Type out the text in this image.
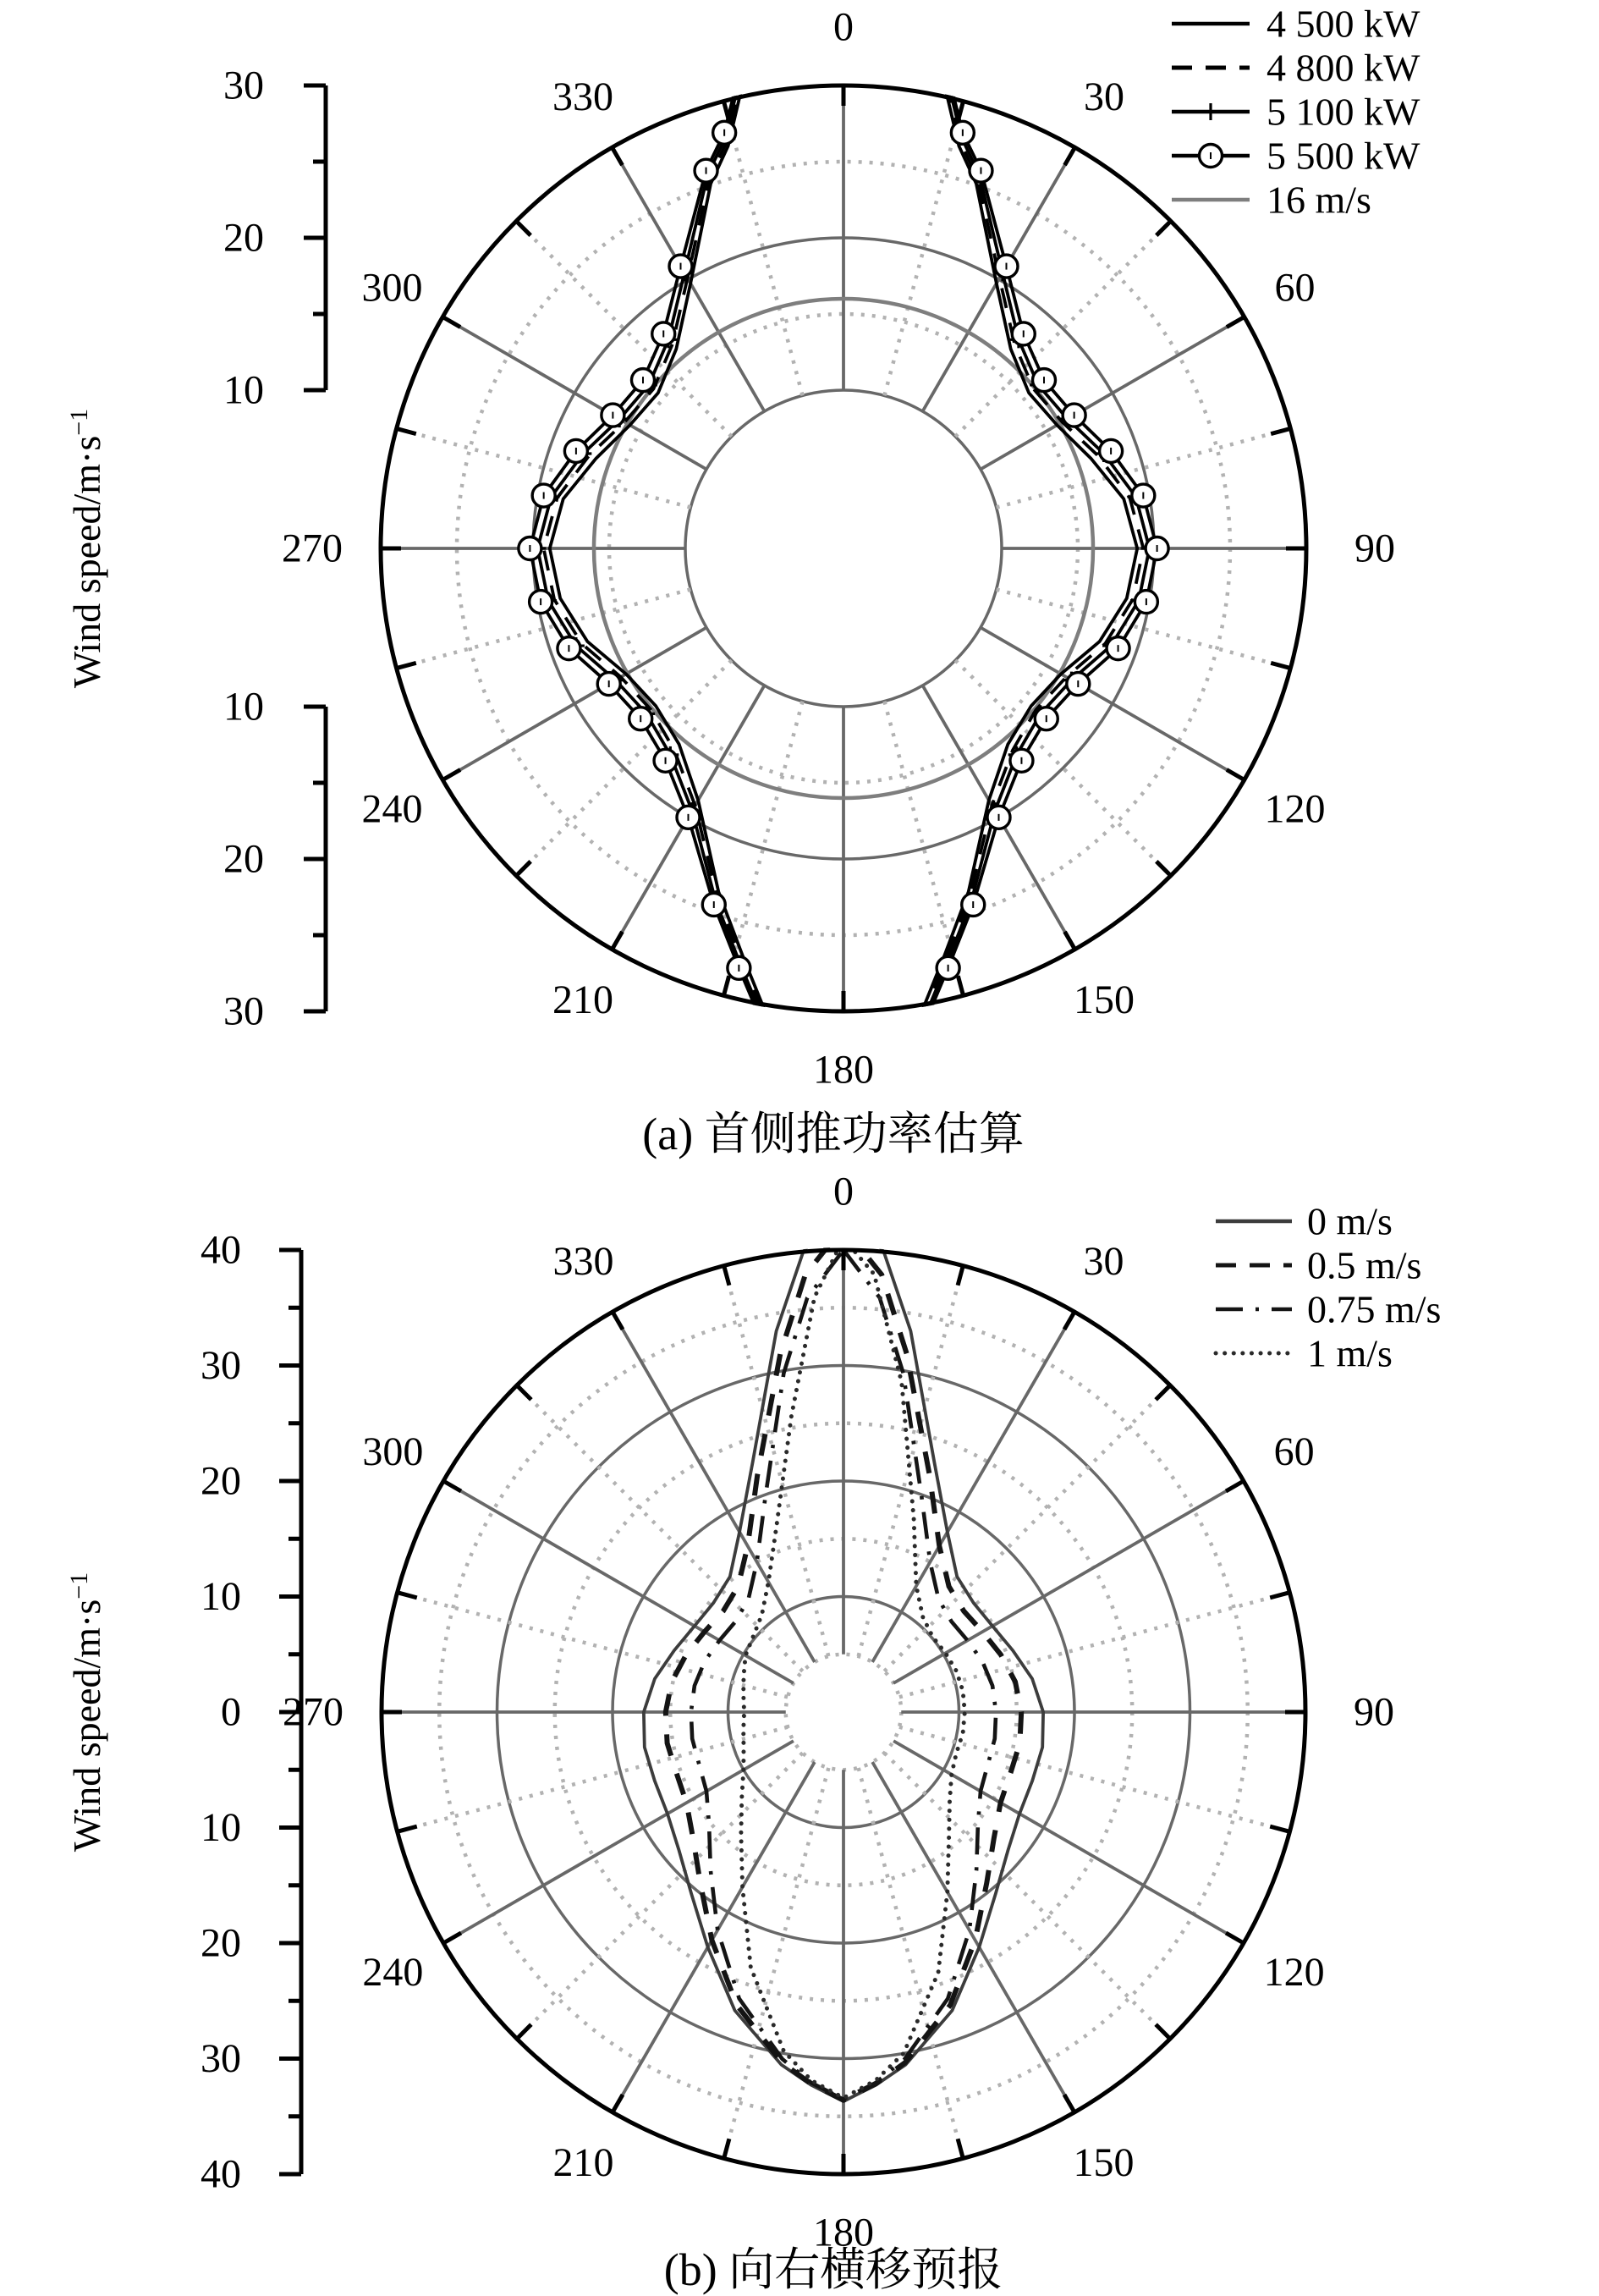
0
30
60
90
120
150
180
210
240
270
300
330
30
20
10
10
20
30
Wind speed/$m\cdot s^{-1}$
4 500 kW
4 800 kW
5 100 kW
5 500 kW
16 m/s
(a) 首侧推功率估算
0
30
60
90
120
150
180
210
240
270
300
330
40
30
20
10
0
10
20
30
40
Wind speed/$m\cdot s^{-1}$
0 m/s
0.5 m/s
0.75 m/s
1 m/s
(b) 向右横移预报
